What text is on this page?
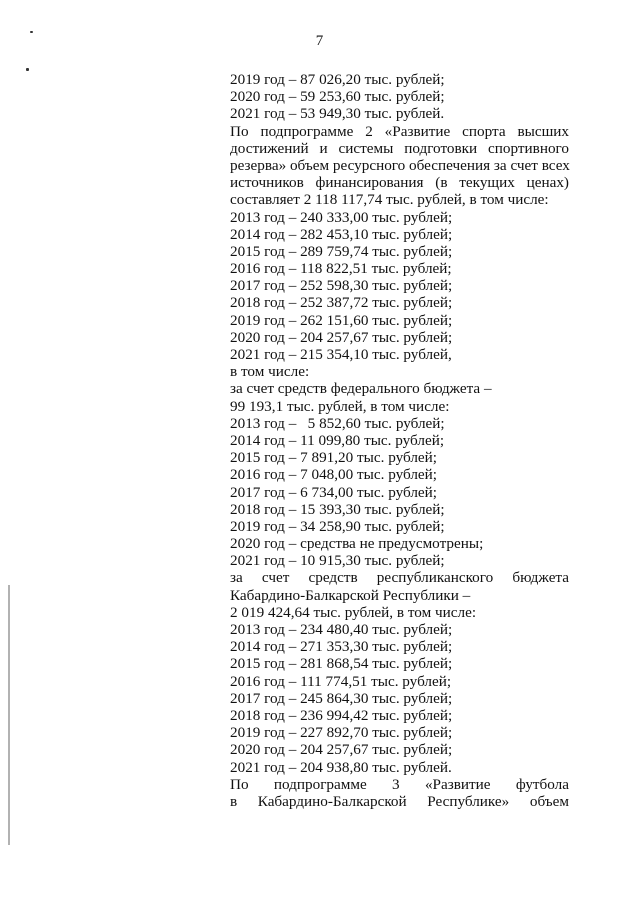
7
2019 год – 87 026,20 тыс. рублей;
2020 год – 59 253,60 тыс. рублей;
2021 год – 53 949,30 тыс. рублей.
По подпрограмме 2 «Развитие спорта высших
достижений и системы подготовки спортивного
резерва» объем ресурсного обеспечения за счет всех
источников финансирования (в текущих ценах)
составляет 2 118 117,74 тыс. рублей, в том числе:
2013 год – 240 333,00 тыс. рублей;
2014 год – 282 453,10 тыс. рублей;
2015 год – 289 759,74 тыс. рублей;
2016 год – 118 822,51 тыс. рублей;
2017 год – 252 598,30 тыс. рублей;
2018 год – 252 387,72 тыс. рублей;
2019 год – 262 151,60 тыс. рублей;
2020 год – 204 257,67 тыс. рублей;
2021 год – 215 354,10 тыс. рублей,
в том числе:
за счет средств федерального бюджета –
99 193,1 тыс. рублей, в том числе:
2013 год –   5 852,60 тыс. рублей;
2014 год – 11 099,80 тыс. рублей;
2015 год – 7 891,20 тыс. рублей;
2016 год – 7 048,00 тыс. рублей;
2017 год – 6 734,00 тыс. рублей;
2018 год – 15 393,30 тыс. рублей;
2019 год – 34 258,90 тыс. рублей;
2020 год – средства не предусмотрены;
2021 год – 10 915,30 тыс. рублей;
за счет средств республиканского бюджета
Кабардино-Балкарской Республики –
2 019 424,64 тыс. рублей, в том числе:
2013 год – 234 480,40 тыс. рублей;
2014 год – 271 353,30 тыс. рублей;
2015 год – 281 868,54 тыс. рублей;
2016 год – 111 774,51 тыс. рублей;
2017 год – 245 864,30 тыс. рублей;
2018 год – 236 994,42 тыс. рублей;
2019 год – 227 892,70 тыс. рублей;
2020 год – 204 257,67 тыс. рублей;
2021 год – 204 938,80 тыс. рублей.
По подпрограмме 3 «Развитие футбола
в Кабардино-Балкарской Республике» объем
